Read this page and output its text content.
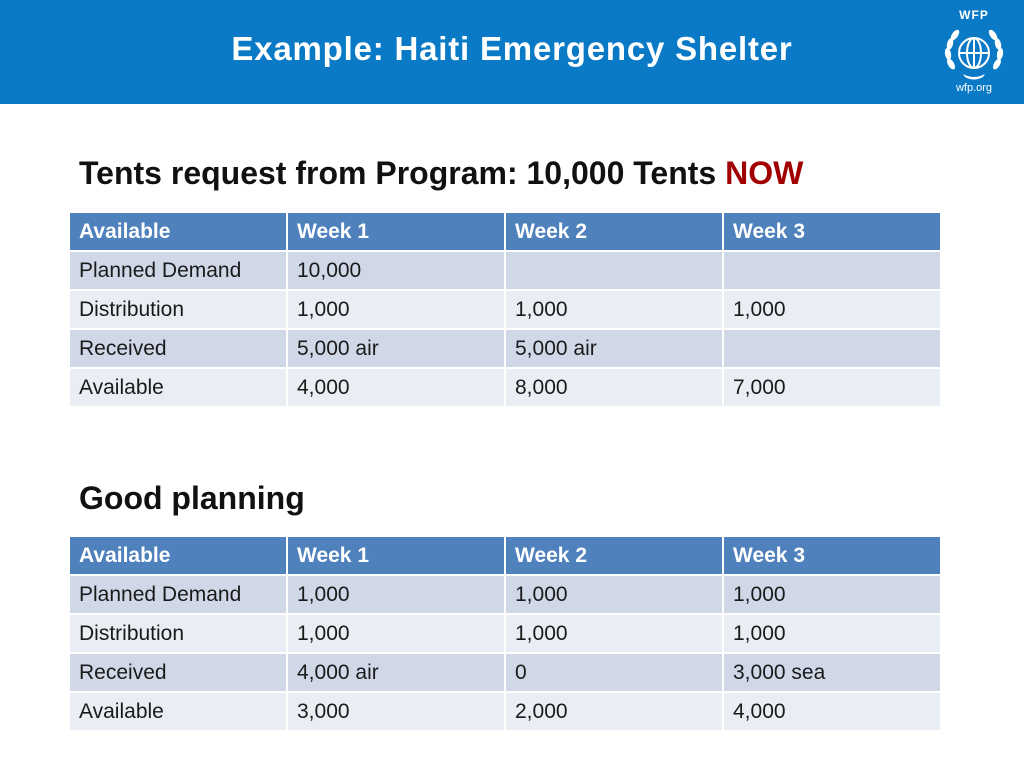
Example: Haiti Emergency Shelter
WFP
wfp.org
Tents request from Program: 10,000 Tents NOW
Available	Week 1	Week 2	Week 3
Planned Demand	10,000		
Distribution	1,000	1,000	1,000
Received	5,000 air	5,000 air	
Available	4,000	8,000	7,000
Good planning
Available	Week 1	Week 2	Week 3
Planned Demand	1,000	1,000	1,000
Distribution	1,000	1,000	1,000
Received	4,000 air	0	3,000 sea
Available	3,000	2,000	4,000
